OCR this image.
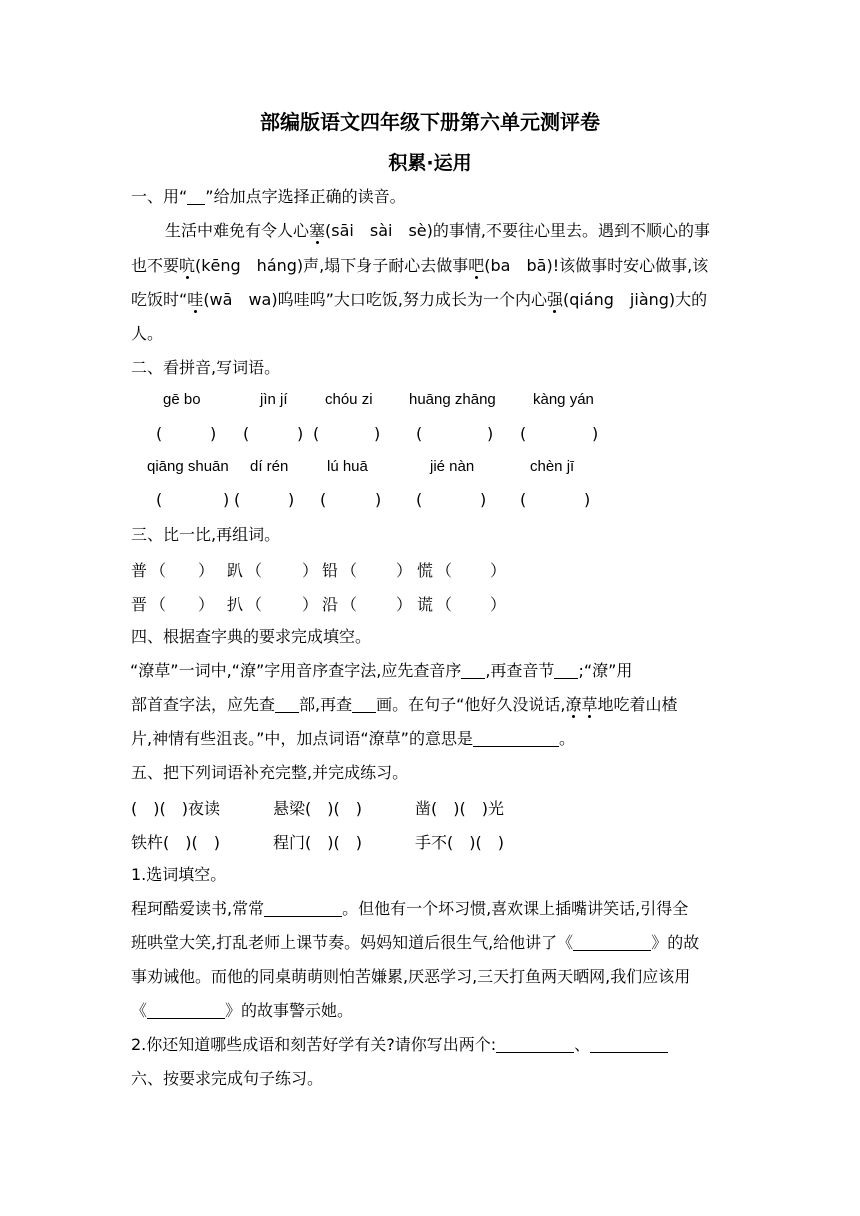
部编版语文四年级下册第六单元测评卷
积累·运用
一、用“ ”给加点字选择正确的读音。
生活中难免有令人心塞(sāi　sài　sè)的事情,不要往心里去。遇到不顺心的事
也不要吭(kēng　háng)声,塌下身子耐心去做事吧(ba　bā)!该做事时安心做事,该
吃饭时“哇(wā　wa)呜哇呜”大口吃饭,努力成长为一个内心强(qiáng　jiàng)大的
人。
二、看拼音,写词语。
gē bo	jìn jí chóu zi huāng zhāng kàng yán
(	) (	) (	) (	) (	)
qiāng shuān dí rén	lú huā	jié nàn	chèn jī
(	) (	) (	) (	) (	)
三、比一比,再组词。
普 （ ） 趴 （ ） 铅 （ ） 慌 （ ）
晋 （ ） 扒 （ ） 沿 （ ） 谎 （ ）
四、根据查字典的要求完成填空。
“潦草”一词中,“潦”字用音序查字法,应先查音序 ,再查音节 ;“潦”用
部首查字法，应先查 部,再查 画。在句子“他好久没说话,潦草地吃着山楂
片,神情有些沮丧。”中，加点词语“潦草”的意思是	。
五、把下列词语补充完整,并完成练习。
(　)(　)夜读	悬梁(　)(　)	凿(　)(　)光
铁杵(　)(　)	程门(　)(　)	手不(　)(　)
1.选词填空。
程珂酷爱读书,常常	。但他有一个坏习惯,喜欢课上插嘴讲笑话,引得全
班哄堂大笑,打乱老师上课节奏。妈妈知道后很生气,给他讲了《	》的故
事劝诫他。而他的同桌萌萌则怕苦嫌累,厌恶学习,三天打鱼两天晒网,我们应该用
《	》的故事警示她。
2.你还知道哪些成语和刻苦好学有关?请你写出两个:	、
六、按要求完成句子练习。
